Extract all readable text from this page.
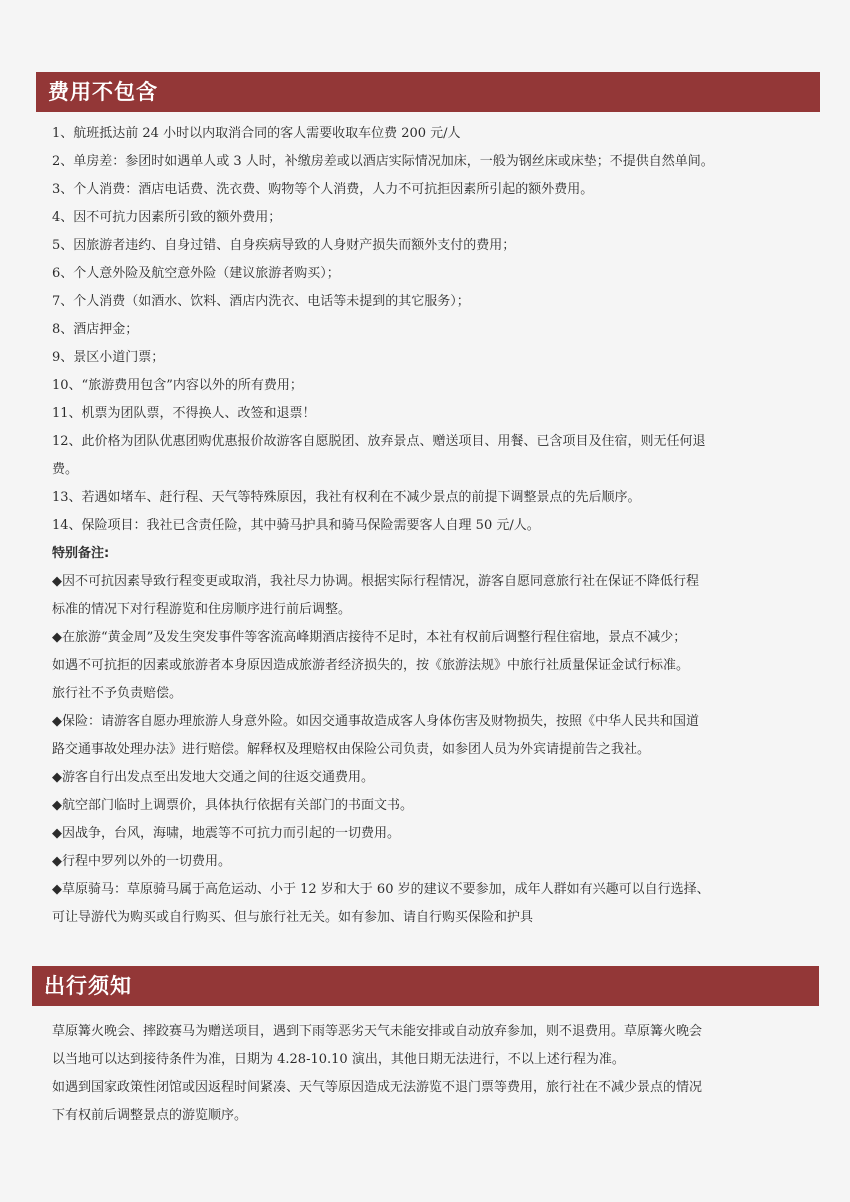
费用不包含
1、航班抵达前 24 小时以内取消合同的客人需要收取车位费 200 元/人
2、单房差：参团时如遇单人或 3 人时，补缴房差或以酒店实际情况加床，一般为钢丝床或床垫；不提供自然单间。
3、个人消费：酒店电话费、洗衣费、购物等个人消费，人力不可抗拒因素所引起的额外费用。
4、因不可抗力因素所引致的额外费用；
5、因旅游者违约、自身过错、自身疾病导致的人身财产损失而额外支付的费用；
6、个人意外险及航空意外险（建议旅游者购买）；
7、个人消费（如酒水、饮料、酒店内洗衣、电话等未提到的其它服务）；
8、酒店押金；
9、景区小道门票；
10、“旅游费用包含”内容以外的所有费用；
11、机票为团队票，不得换人、改签和退票！
12、此价格为团队优惠团购优惠报价故游客自愿脱团、放弃景点、赠送项目、用餐、已含项目及住宿，则无任何退
费。
13、若遇如堵车、赶行程、天气等特殊原因，我社有权利在不减少景点的前提下调整景点的先后顺序。
14、保险项目：我社已含责任险，其中骑马护具和骑马保险需要客人自理 50 元/人。
特别备注:
◆因不可抗因素导致行程变更或取消，我社尽力协调。根据实际行程情况，游客自愿同意旅行社在保证不降低行程
标准的情况下对行程游览和住房顺序进行前后调整。
◆在旅游“黄金周”及发生突发事件等客流高峰期酒店接待不足时，本社有权前后调整行程住宿地，景点不减少；
如遇不可抗拒的因素或旅游者本身原因造成旅游者经济损失的，按《旅游法规》中旅行社质量保证金试行标准。
旅行社不予负责赔偿。
◆保险：请游客自愿办理旅游人身意外险。如因交通事故造成客人身体伤害及财物损失，按照《中华人民共和国道
路交通事故处理办法》进行赔偿。解释权及理赔权由保险公司负责，如参团人员为外宾请提前告之我社。
◆游客自行出发点至出发地大交通之间的往返交通费用。
◆航空部门临时上调票价，具体执行依据有关部门的书面文书。
◆因战争，台风，海啸，地震等不可抗力而引起的一切费用。
◆行程中罗列以外的一切费用。
◆草原骑马：草原骑马属于高危运动、小于 12 岁和大于 60 岁的建议不要参加，成年人群如有兴趣可以自行选择、
可让导游代为购买或自行购买、但与旅行社无关。如有参加、请自行购买保险和护具
出行须知
草原篝火晚会、摔跤赛马为赠送项目，遇到下雨等恶劣天气未能安排或自动放弃参加，则不退费用。草原篝火晚会
以当地可以达到接待条件为准，日期为 4.28-10.10 演出，其他日期无法进行，不以上述行程为准。
如遇到国家政策性闭馆或因返程时间紧凑、天气等原因造成无法游览不退门票等费用，旅行社在不减少景点的情况
下有权前后调整景点的游览顺序。
